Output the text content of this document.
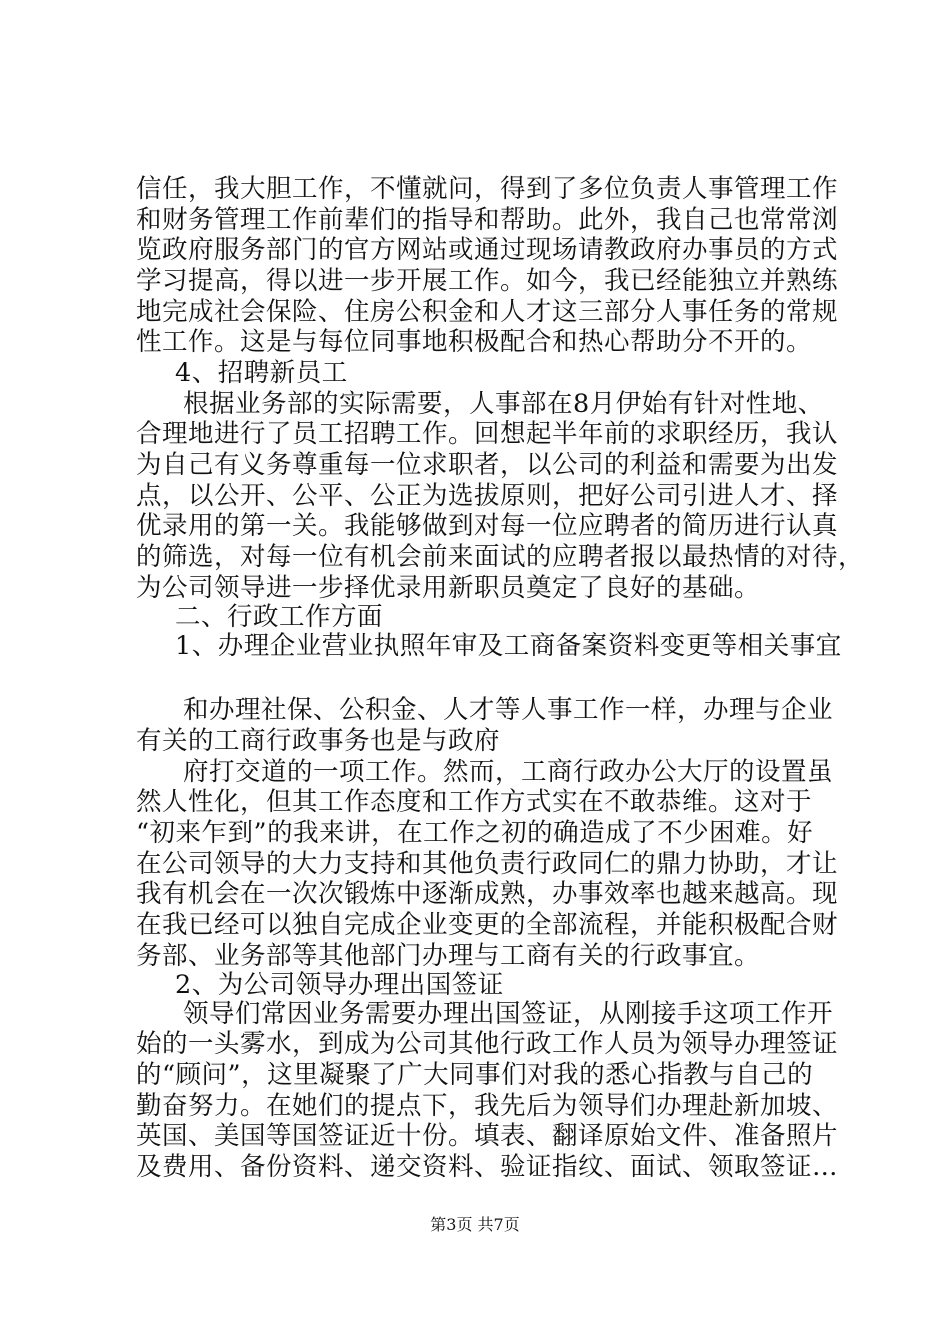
信任，我大胆工作，不懂就问，得到了多位负责人事管理工作
和财务管理工作前辈们的指导和帮助。此外，我自己也常常浏
览政府服务部门的官方网站或通过现场请教政府办事员的方式
学习提高，得以进一步开展工作。如今，我已经能独立并熟练
地完成社会保险、住房公积金和人才这三部分人事任务的常规
性工作。这是与每位同事地积极配合和热心帮助分不开的。
4、招聘新员工
根据业务部的实际需要，人事部在8月伊始有针对性地、
合理地进行了员工招聘工作。回想起半年前的求职经历，我认
为自己有义务尊重每一位求职者，以公司的利益和需要为出发
点，以公开、公平、公正为选拔原则，把好公司引进人才、择
优录用的第一关。我能够做到对每一位应聘者的简历进行认真
的筛选，对每一位有机会前来面试的应聘者报以最热情的对待，
为公司领导进一步择优录用新职员奠定了良好的基础。
二、行政工作方面
1、办理企业营业执照年审及工商备案资料变更等相关事宜
和办理社保、公积金、人才等人事工作一样，办理与企业
有关的工商行政事务也是与政府
府打交道的一项工作。然而，工商行政办公大厅的设置虽
然人性化，但其工作态度和工作方式实在不敢恭维。这对于
“初来乍到”的我来讲，在工作之初的确造成了不少困难。好
在公司领导的大力支持和其他负责行政同仁的鼎力协助，才让
我有机会在一次次锻炼中逐渐成熟，办事效率也越来越高。现
在我已经可以独自完成企业变更的全部流程，并能积极配合财
务部、业务部等其他部门办理与工商有关的行政事宜。
2、为公司领导办理出国签证
领导们常因业务需要办理出国签证，从刚接手这项工作开
始的一头雾水，到成为公司其他行政工作人员为领导办理签证
的“顾问”，这里凝聚了广大同事们对我的悉心指教与自己的
勤奋努力。在她们的提点下，我先后为领导们办理赴新加坡、
英国、美国等国签证近十份。填表、翻译原始文件、准备照片
及费用、备份资料、递交资料、验证指纹、面试、领取签证…
第3页 共7页
